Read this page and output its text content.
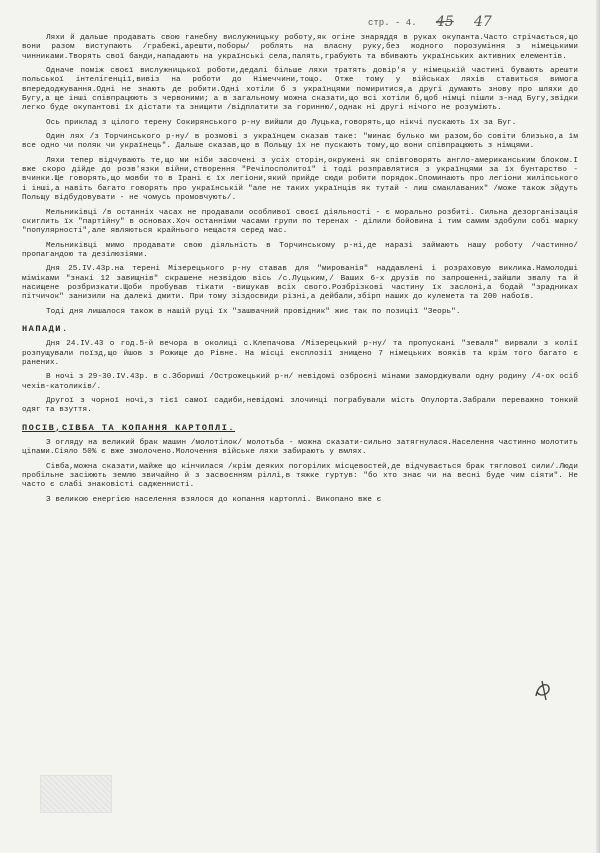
стр. - 4. 45 47

Ляхи й дальше продавать свою ганебну вислужницьку роботу,як огiне знаряддя в руках окупанта.Часто стрiчається,що вони разом виступають /грабежi,арешти,поборы/ роблять на власну руку,без жодного порозумiння з нiмецькими чинниками.Творять свої банди,нападають на українськi села,палять,грабують та вбивають українських активних елементiв.

Одначе поміж своєї вислужницької роботи,дедалі більше ляхи тратять довір'я у нiмецькiй частинi бувають арешти польської iнтелiгенцiї,вивiз на роботи до Німеччини,тощо. Отже тому у вiйськах ляхiв ставиться вимога впередоджування.Однi не знають де робити.Однi хотiли б з українцями помиритися,а другi думають знову про шляхи до Бугу,а ще інші співпрацюють з червоними; а в загальному можна сказати,що всi хотiли б,щоб нiмцi пiшли з-над Бугу,звiдки легко буде окупантовi їх дiстати та знищити /відплатити за горинню/,однак нi другi нiчого не розумiють.

Ось приклад з цілого терену Сокирянського р-ну вийшли до Луцька,говорять,що нiкчi пускають їх за Буг.

Один лях /з Торчинського р-ну/ в розмові з українцем сказав таке: "минає булько ми разом,бо совіти близько,а їм все одно чи поляк чи українець". Дальше сказав,що в Польщу їх не пускають тому,що вони співпрацюють з нiмцями.

Ляхи тепер вiдчувають те,що ми нiби засоченi з усіх сторін,окруженi як спiвговорять англо-американським блоком.І вже скоро дiйде до розв'язки вiйни,створення "Речiпосполитої" i тодi розправлятися з українцями за їх бунтарство - вчинки.Ще говорять,що мовби то в Ірані є їх легiони,який прийде сюди робити порядок.Споминають про легiони жиліпського i інші,а навiть багато говорять про українській "але не таких українців як тутай - лиш смаклаваних" /може також зйдуть Польщу вiдбудовувати - не чомусь промовчують/.

Мельникiвцi /в останнiх часах не продавали особливої своєї дiяльності - є морально розбитi. Сильна дезорганізація скиглить їх "партiйну" в основах.Хоч останнiми часами групи по теренах - дiлили бойовина і тим самим здобули собі марку "популярності",але являються крайнього нещастя серед мас.

Мельниківці мимо продавати свою діяльність в Торчинському р-нi,де наразі займають нашу роботу /частинно/ пропагандою та дезiлюзiями.

Дня 25.IV.43р.на теренi Мiзерецького р-ну ставав для "мированiя" наддавленi i розраховую виклика.Намолодші мiмiками "знакi 12 завищнiв" скрашене незвiдою вiсь /с.Луцьким,/ Ваших 6-х друзiв по запрошеннi,зайшли звалу та й насищене розбризкати.Щоби пробував тiкати -вишукав всiх свого.Розбрiзковi частину їх заслонi,а бодай "зрадниках пiтчичок" занизили на далекi дмити. При тому зіздосвиди різні,а дейбали,збiрп наших до кулемета та 200 набоїв.

Тоді дня лишалося також в нашій руці їх "зашвачний провідник" жиє так по позиції "Зеорь".

НАПАДИ.

Дня 24.IV.43 о год.5-й вечора в околиці с.Клепачова /Мiзерецький р-ну/ та пропусканi "зеваля" вирвали з колiї розпущували поїзд,що йшов з Рожище до Рiвне. На місцi експлозiї знищено 7 нiмецьких вояків та крім того багато є ранених.

В ночі з 29-30.IV.43р. в с.Зборишi /Острожецький р-н/ невiдомi озброєнi мінами заморджували одну родину /4-ох осiб чехiв-католикiв/.

Другої з чорної ночi,з тієї самої садиби,невідомі злочинцi пограбували мiсть Опулорта.Забрали переважно тонкий одяг та взуття.

ПОСІВ,СІВБА ТА КОПАННЯ КАРТОПЛІ.

З огляду на великий брак машин /молотiлок/ молотьба - можна сказати-сильно затягнулася.Населення частинно молотить цiпами.Сiяло 50% є вже змолочено.Молочення вiйське ляхи забирають у вмлях.

Сівба,можна сказати,майже що кiнчилася /крім деяких погорiлих мiсцевостей,де відчувається брак тяглової сили/.Люди пробiльне засіюють землю звичайно й з засвоєнням ріллi,в тяжке гуртув: "бо хто знає чи на весні буде чим сiяти". Не часто є слабі знаковiсті садженнистi.

З великою енергією населення взялося до копання картоплі. Викопано вже є
